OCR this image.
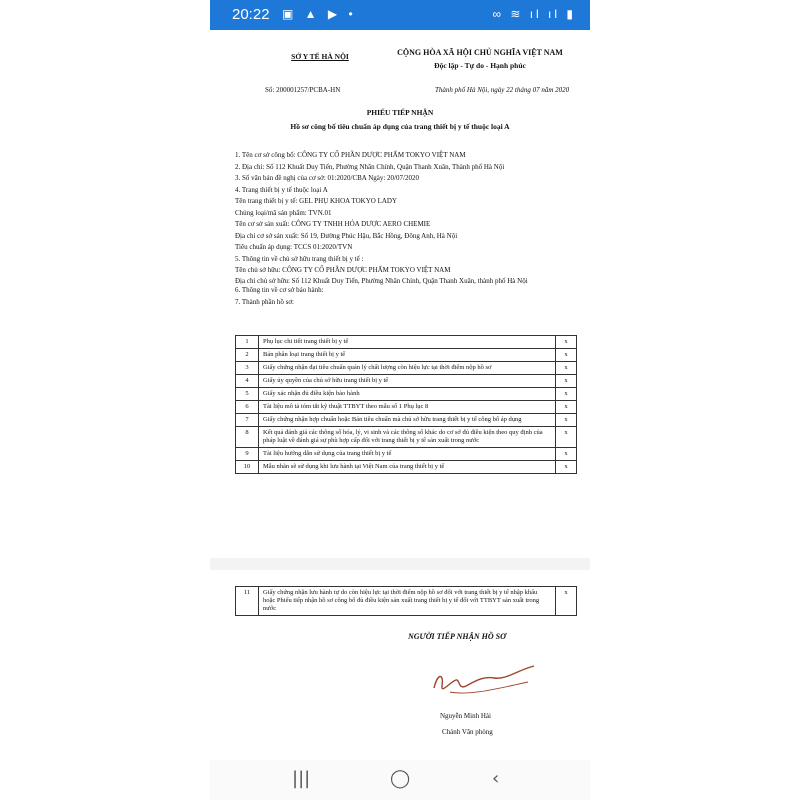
20:22 ▣ ▲ ▶ •	∞ ≋ ıl ıl ▮
SỞ Y TẾ HÀ NỘI	CỘNG HÒA XÃ HỘI CHỦ NGHĨA VIỆT NAM
Độc lập - Tự do - Hạnh phúc
Số: 200001257/PCBA-HN	Thành phố Hà Nội, ngày 22 tháng 07 năm 2020
PHIẾU TIẾP NHẬN
Hồ sơ công bố tiêu chuẩn áp dụng của trang thiết bị y tế thuộc loại A
1. Tên cơ sở công bố: CÔNG TY CỔ PHẦN DƯỢC PHẨM TOKYO VIỆT NAM
2. Địa chỉ: Số 112 Khuất Duy Tiến, Phường Nhân Chính, Quận Thanh Xuân, Thành phố Hà Nội
3. Số văn bản đề nghị của cơ sở: 01:2020/CBA Ngày: 20/07/2020
4. Trang thiết bị y tế thuộc loại A
Tên trang thiết bị y tế: GEL PHỤ KHOA TOKYO LADY
Chủng loại/mã sản phẩm: TVN.01
Tên cơ sở sản xuất: CÔNG TY TNHH HÓA DƯỢC AERO CHEMIE
Địa chỉ cơ sở sản xuất: Số 19, Đường Phúc Hậu, Bắc Hồng, Đông Anh, Hà Nội
Tiêu chuẩn áp dụng: TCCS 01:2020/TVN
5. Thông tin về chủ sở hữu trang thiết bị y tế :
Tên chủ sở hữu: CÔNG TY CỔ PHẦN DƯỢC PHẨM TOKYO VIỆT NAM
Địa chỉ chủ sở hữu: Số 112 Khuất Duy Tiến, Phường Nhân Chính, Quận Thanh Xuân, thành phố Hà Nội
6. Thông tin về cơ sở bảo hành:
7. Thành phần hồ sơ:
1	Phụ lục chi tiết trang thiết bị y tế	x
2	Bản phân loại trang thiết bị y tế	x
3	Giấy chứng nhận đạt tiêu chuẩn quản lý chất lượng còn hiệu lực tại thời điểm nộp hồ sơ	x
4	Giấy ủy quyền của chủ sở hữu trang thiết bị y tế	x
5	Giấy xác nhận đủ điều kiện bảo hành	x
6	Tài liệu mô tả tóm tắt kỹ thuật TTBYT theo mẫu số 1 Phụ lục 8	x
7	Giấy chứng nhận hợp chuẩn hoặc Bản tiêu chuẩn mà chủ sở hữu trang thiết bị y tế công bố áp dụng	x
8	Kết quả đánh giá các thông số hóa, lý, vi sinh và các thông số khác do cơ sở đủ điều kiện theo quy định của pháp luật về đánh giá sự phù hợp cấp đối với trang thiết bị y tế sản xuất trong nước	x
9	Tài liệu hướng dẫn sử dụng của trang thiết bị y tế	x
10	Mẫu nhãn sẽ sử dụng khi lưu hành tại Việt Nam của trang thiết bị y tế	x
11	Giấy chứng nhận lưu hành tự do còn hiệu lực tại thời điểm nộp hồ sơ đối với trang thiết bị y tế nhập khẩu hoặc Phiếu tiếp nhận hồ sơ công bố đủ điều kiện sản xuất trang thiết bị y tế đối với TTBYT sản xuất trong nước	x
NGƯỜI TIẾP NHẬN HỒ SƠ
Nguyễn Minh Hải
Chánh Văn phòng
|||	◯	‹
